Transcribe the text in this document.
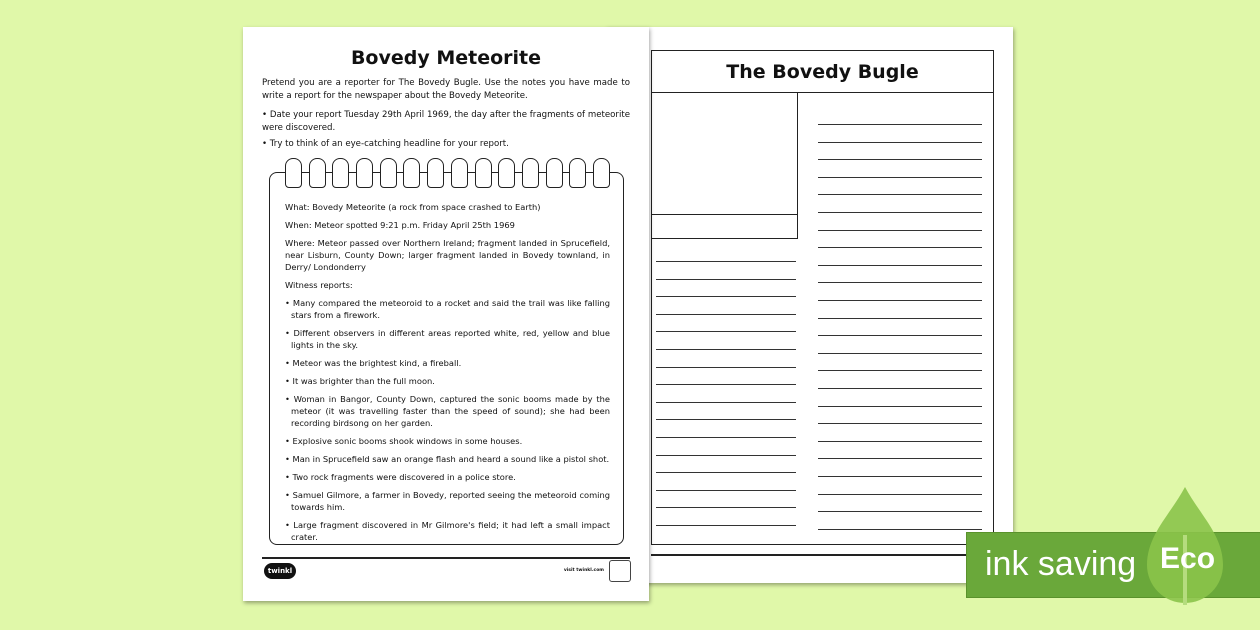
The Bovedy Bugle
Bovedy Meteorite
Pretend you are a reporter for The Bovedy Bugle. Use the notes you have made to write a report for the newspaper about the Bovedy Meteorite.
• Date your report Tuesday 29th April 1969, the day after the fragments of meteorite were discovered.
• Try to think of an eye-catching headline for your report.

What: Bovedy Meteorite (a rock from space crashed to Earth)

When: Meteor spotted 9:21 p.m. Friday April 25th 1969

Where: Meteor passed over Northern Ireland; fragment landed in Sprucefield, near Lisburn, County Down; larger fragment landed in Bovedy townland, in Derry/ Londonderry

Witness reports:

• Many compared the meteoroid to a rocket and said the trail was like falling stars from a firework.
• Different observers in different areas reported white, red, yellow and blue lights in the sky.
• Meteor was the brightest kind, a fireball.
• It was brighter than the full moon.
• Woman in Bangor, County Down, captured the sonic booms made by the meteor (it was travelling faster than the speed of sound); she had been recording birdsong on her garden.
• Explosive sonic booms shook windows in some houses.
• Man in Sprucefield saw an orange flash and heard a sound like a pistol shot.
• Two rock fragments were discovered in a police store.
• Samuel Gilmore, a farmer in Bovedy, reported seeing the meteoroid coming towards him.
• Large fragment discovered in Mr Gilmore's field; it had left a small impact crater.
twinkl	visit twinkl.com	ink saving Eco
